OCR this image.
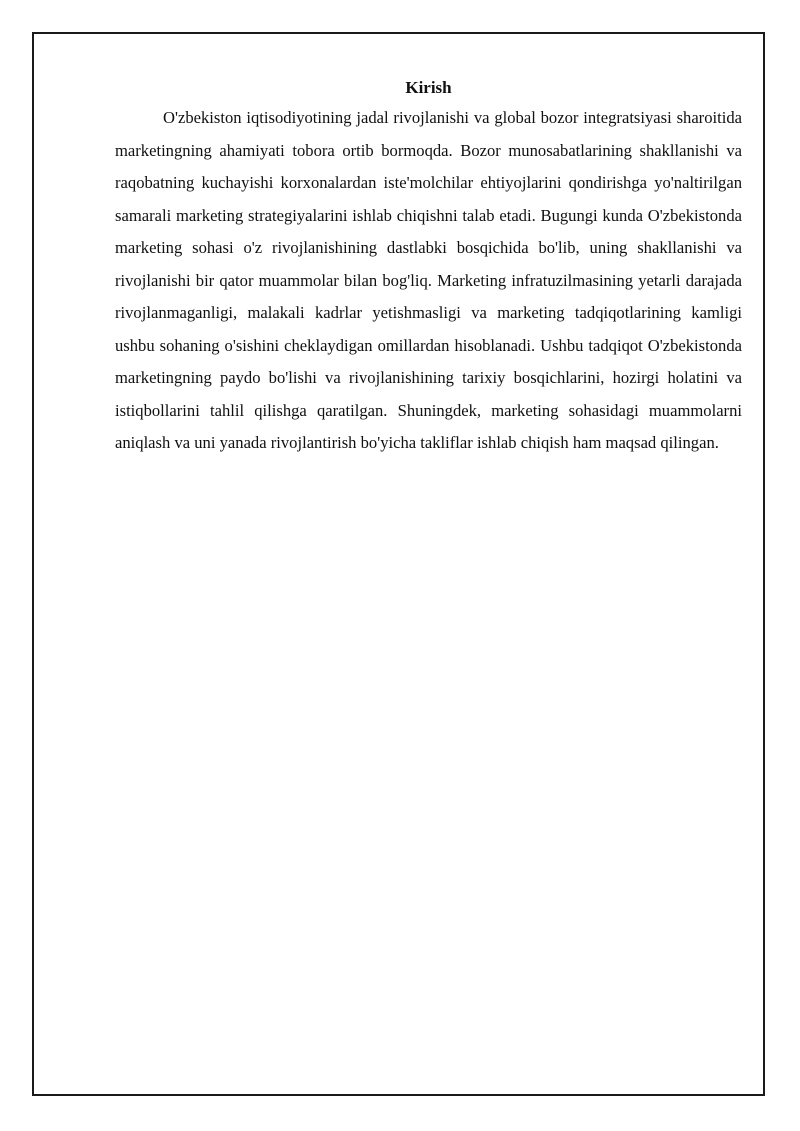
Kirish

O'zbekiston iqtisodiyotining jadal rivojlanishi va global bozor integratsiyasi sharoitida marketingning ahamiyati tobora ortib bormoqda. Bozor munosabatlarining shakllanishi va raqobatning kuchayishi korxonalardan iste'molchilar ehtiyojlarini qondirishga yo'naltirilgan samarali marketing strategiyalarini ishlab chiqishni talab etadi. Bugungi kunda O'zbekistonda marketing sohasi o'z rivojlanishining dastlabki bosqichida bo'lib, uning shakllanishi va rivojlanishi bir qator muammolar bilan bog'liq. Marketing infratuzilmasining yetarli darajada rivojlanmaganligi, malakali kadrlar yetishmasligi va marketing tadqiqotlarining kamligi ushbu sohaning o'sishini cheklaydigan omillardan hisoblanadi. Ushbu tadqiqot O'zbekistonda marketingning paydo bo'lishi va rivojlanishining tarixiy bosqichlarini, hozirgi holatini va istiqbollarini tahlil qilishga qaratilgan. Shuningdek, marketing sohasidagi muammolarni aniqlash va uni yanada rivojlantirish bo'yicha takliflar ishlab chiqish ham maqsad qilingan.
